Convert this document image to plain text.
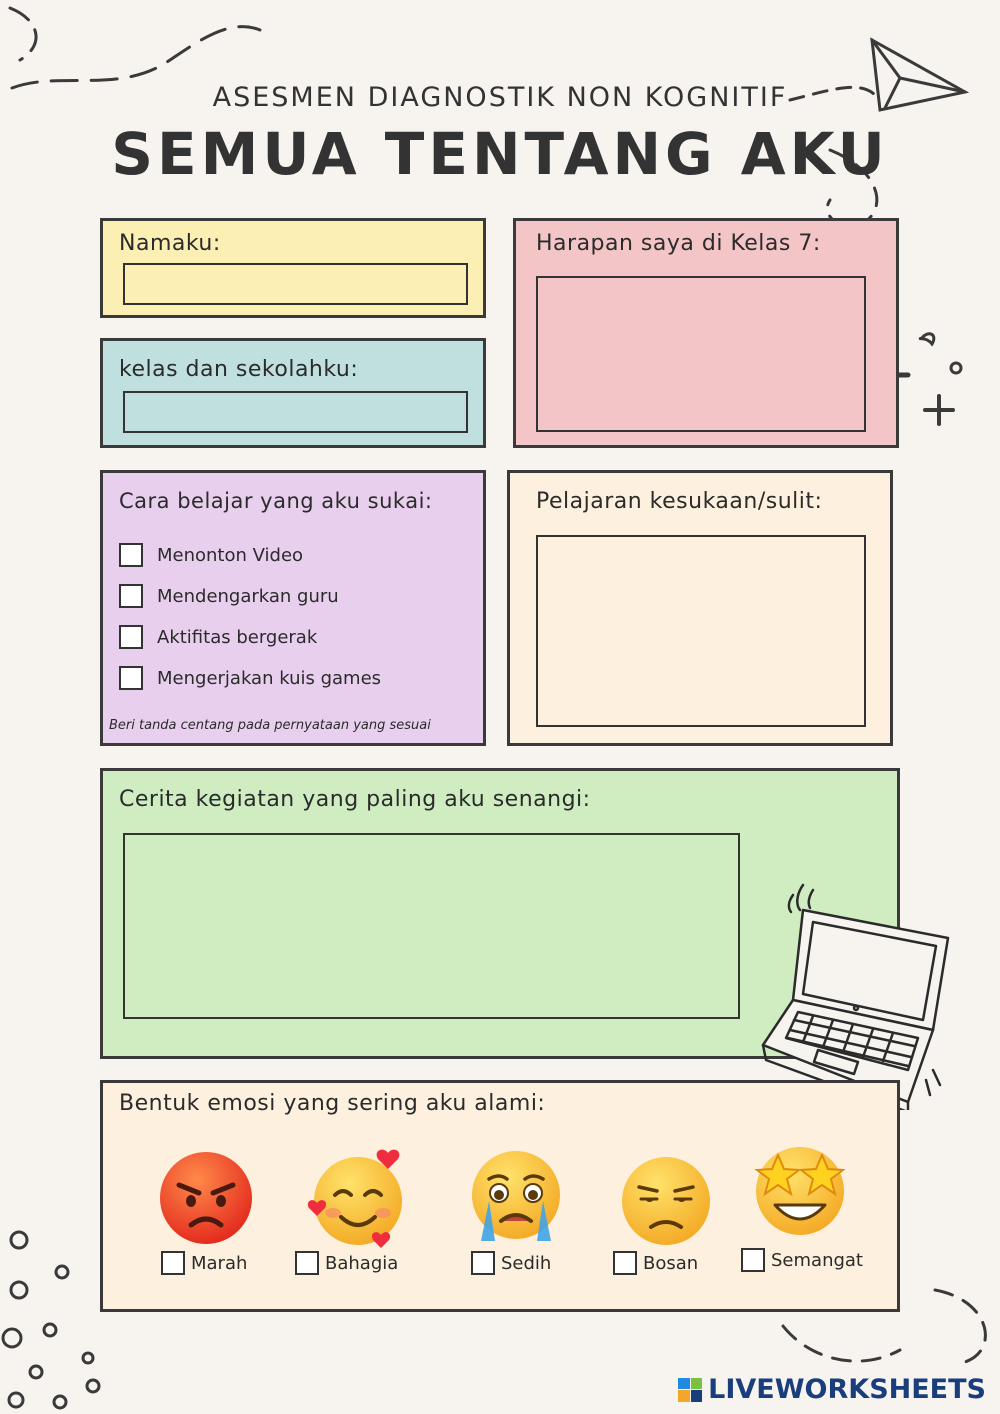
ASESMEN DIAGNOSTIK NON KOGNITIF
SEMUA TENTANG AKU
Namaku:
kelas dan sekolahku:
Harapan saya di Kelas 7:
Cara belajar yang aku sukai:
Menonton Video
Mendengarkan guru
Aktifitas bergerak
Mengerjakan kuis games
Beri tanda centang pada pernyataan yang sesuai
Pelajaran kesukaan/sulit:
Cerita kegiatan yang paling aku senangi:
Bentuk emosi yang sering aku alami:
Marah	Bahagia	Sedih	Bosan	Semangat
LIVEWORKSHEETS
